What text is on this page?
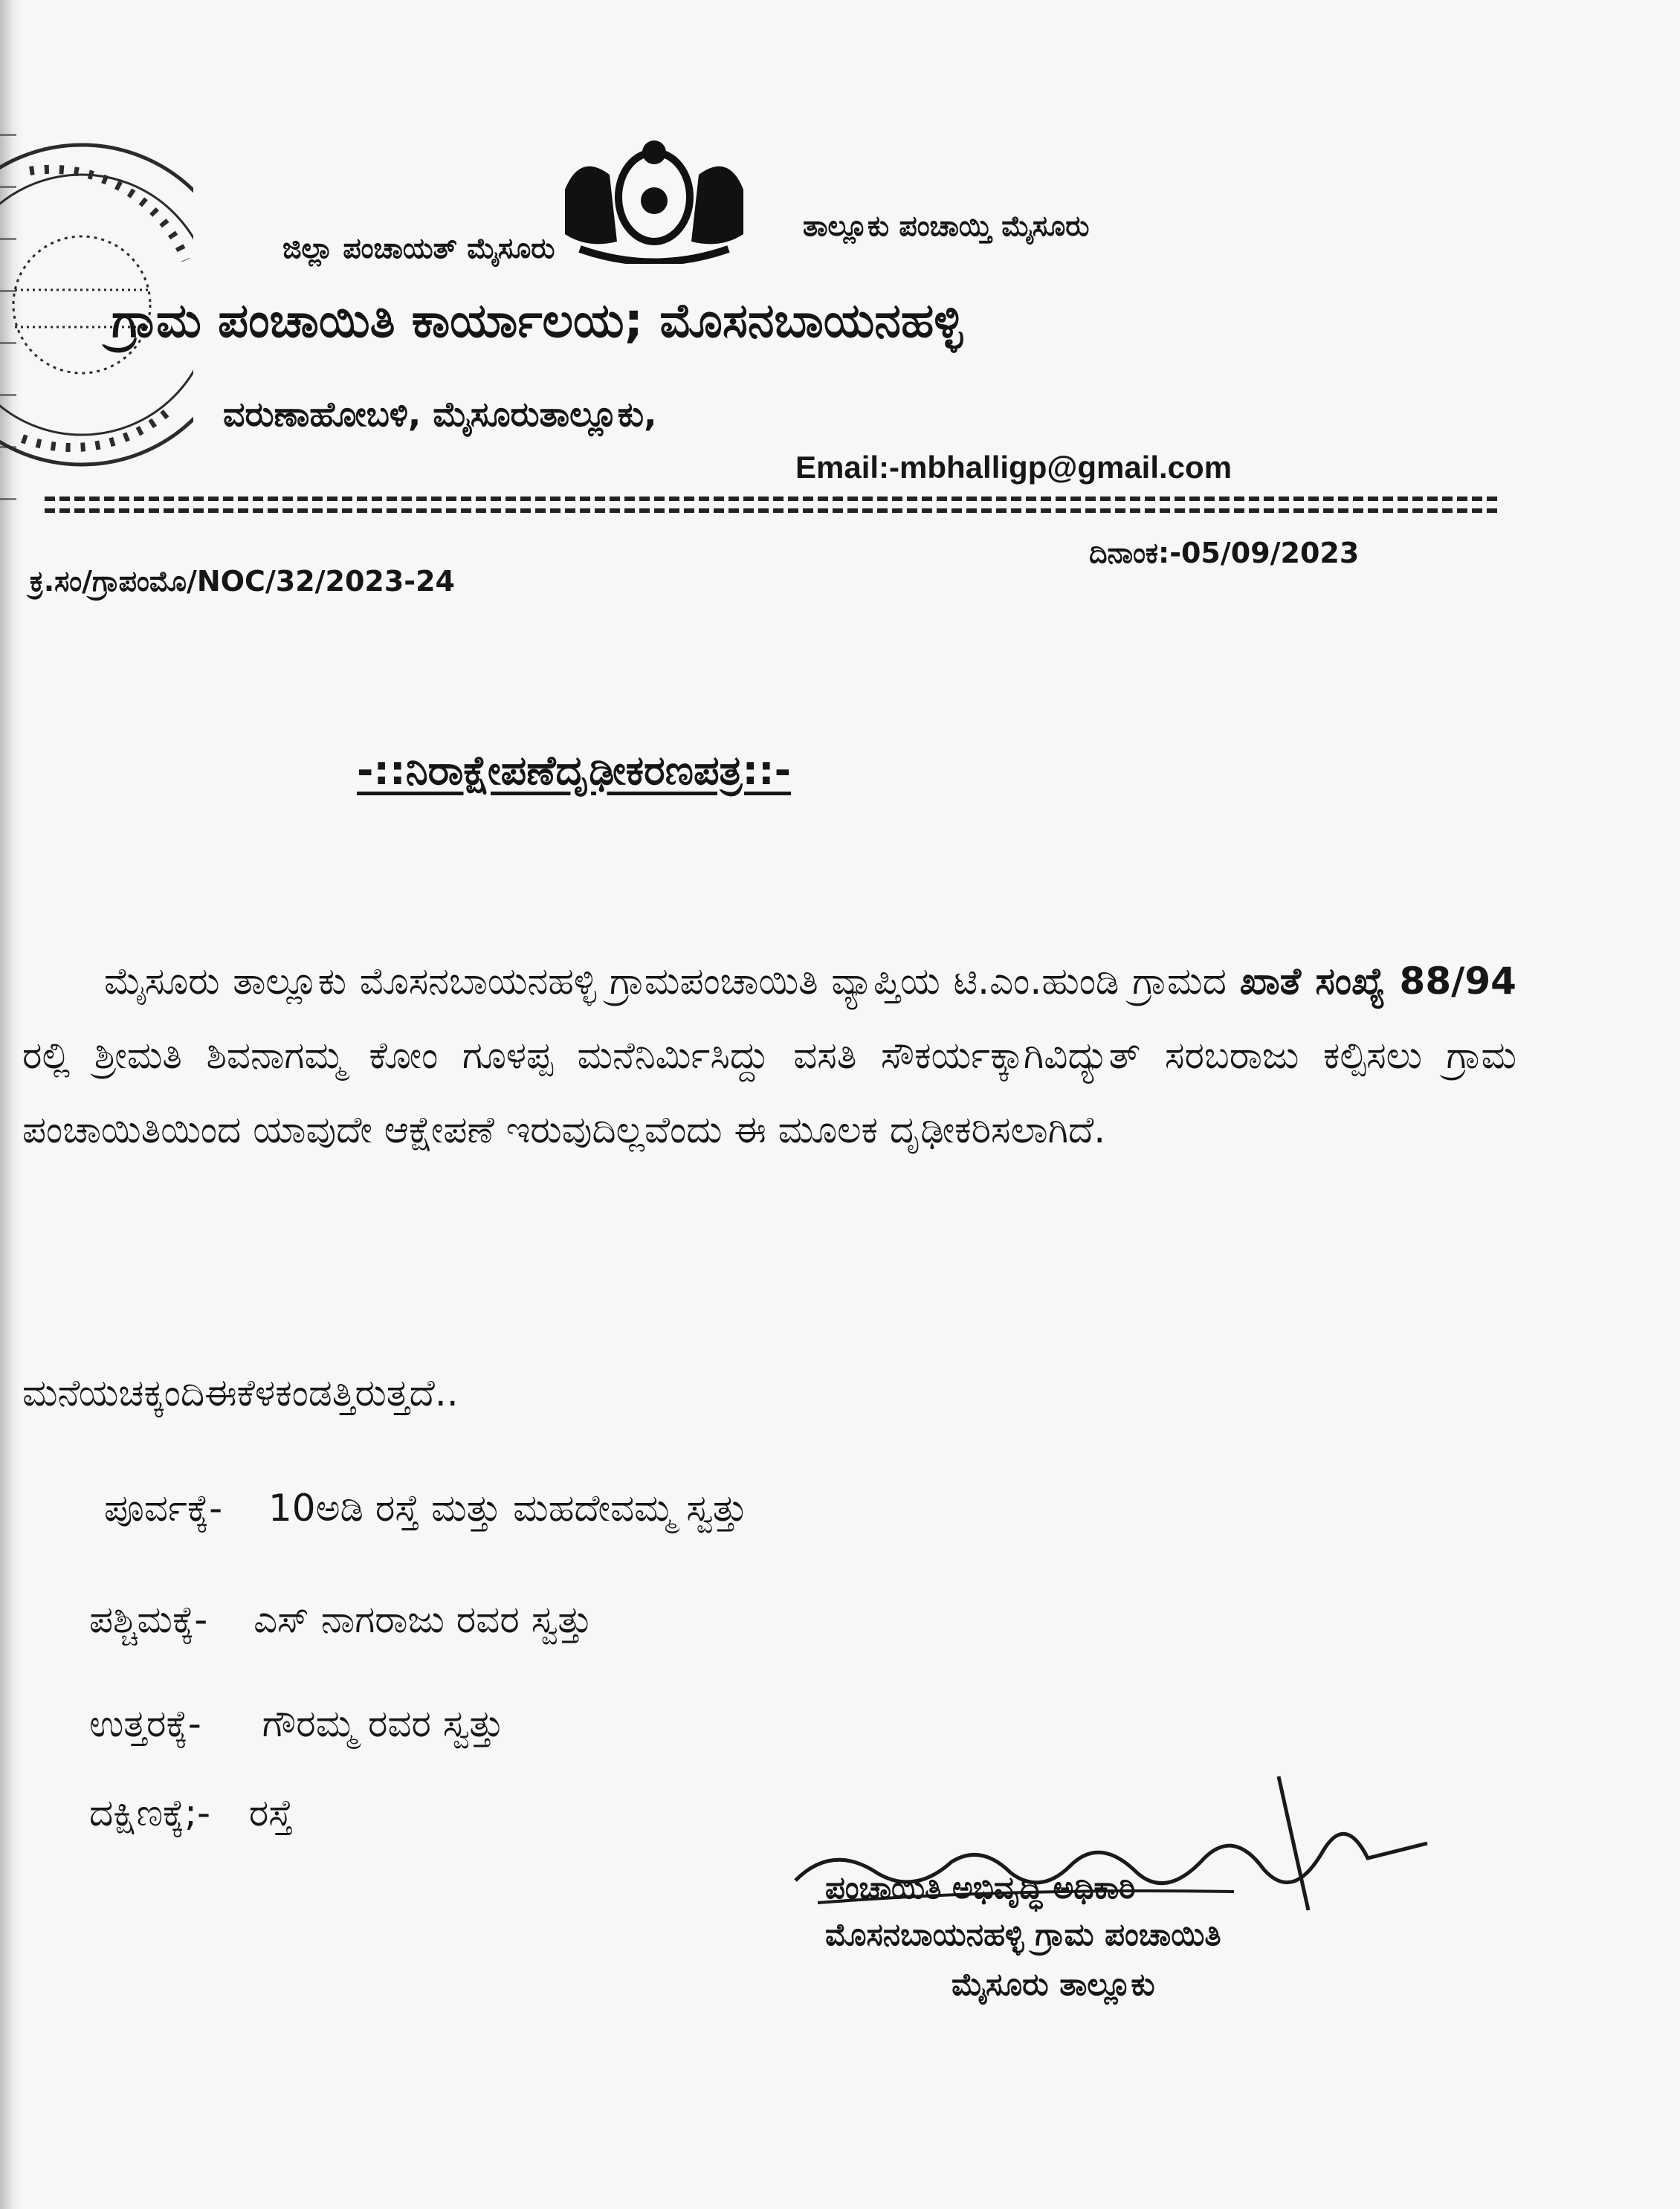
ಜಿಲ್ಲಾ ಪಂಚಾಯತ್ ಮೈಸೂರು
ತಾಲ್ಲೂಕು ಪಂಚಾಯ್ತಿ ಮೈಸೂರು
ಗ್ರಾಮ ಪಂಚಾಯಿತಿ ಕಾರ್ಯಾಲಯ; ಮೊಸನಬಾಯನಹಳ್ಳಿ
ವರುಣಾಹೋಬಳಿ, ಮೈಸೂರುತಾಲ್ಲೂಕು,
Email:-mbhalligp@gmail.com
ಕ್ರ.ಸಂ/ಗ್ರಾಪಂಮೊ/NOC/32/2023-24
ದಿನಾಂಕ:-05/09/2023
-::ನಿರಾಕ್ಷೇಪಣೆದೃಢೀಕರಣಪತ್ರ::-
ಮೈಸೂರು ತಾಲ್ಲೂಕು ಮೊಸನಬಾಯನಹಳ್ಳಿ ಗ್ರಾಮಪಂಚಾಯಿತಿ ವ್ಯಾಪ್ತಿಯ ಟಿ.ಎಂ.ಹುಂಡಿ ಗ್ರಾಮದ ಖಾತೆ ಸಂಖ್ಯೆ 88/94 ರಲ್ಲಿ ಶ್ರೀಮತಿ ಶಿವನಾಗಮ್ಮ ಕೋಂ ಗೂಳಪ್ಪ ಮನೆನಿರ್ಮಿಸಿದ್ದು ವಸತಿ ಸೌಕರ್ಯಕ್ಕಾಗಿವಿದ್ಯುತ್ ಸರಬರಾಜು ಕಲ್ಪಿಸಲು ಗ್ರಾಮ ಪಂಚಾಯಿತಿಯಿಂದ ಯಾವುದೇ ಆಕ್ಷೇಪಣೆ ಇರುವುದಿಲ್ಲವೆಂದು ಈ ಮೂಲಕ ದೃಢೀಕರಿಸಲಾಗಿದೆ.
ಮನೆಯಚಕ್ಕಂದಿಈಕೆಳಕಂಡತ್ತಿರುತ್ತದೆ..
ಪೂರ್ವಕ್ಕೆ- 10ಅಡಿ ರಸ್ತೆ ಮತ್ತು ಮಹದೇವಮ್ಮ ಸ್ವತ್ತು
ಪಶ್ಚಿಮಕ್ಕೆ- ಎಸ್ ನಾಗರಾಜು ರವರ ಸ್ವತ್ತು
ಉತ್ತರಕ್ಕೆ- ಗೌರಮ್ಮ ರವರ ಸ್ವತ್ತು
ದಕ್ಷಿಣಕ್ಕೆ;- ರಸ್ತೆ
ಪಂಚಾಯಿತಿ ಅಭಿವೃದ್ಧಿ ಅಧಿಕಾರಿ
ಮೊಸನಬಾಯನಹಳ್ಳಿ ಗ್ರಾಮ ಪಂಚಾಯಿತಿ
ಮೈಸೂರು ತಾಲ್ಲೂಕು
